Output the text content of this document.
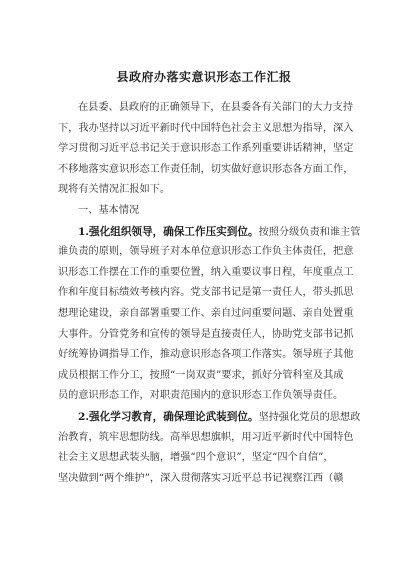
县政府办落实意识形态工作汇报
在县委、县政府的正确领导下，在县委各有关部门的大力支持
下，我办坚持以习近平新时代中国特色社会主义思想为指导，深入
学习贯彻习近平总书记关于意识形态工作系列重要讲话精神，坚定
不移地落实意识形态工作责任制，切实做好意识形态各方面工作，
现将有关情况汇报如下。
一、基本情况
1.强化组织领导，确保工作压实到位。按照分级负责和谁主管
谁负责的原则，领导班子对本单位意识形态工作负主体责任，把意
识形态工作摆在工作的重要位置，纳入重要议事日程，年度重点工
作和年度目标绩效考核内容。党支部书记是第一责任人，带头抓思
想理论建设，亲自部署重要工作、亲自过问重要问题、亲自处置重
大事件。分管党务和宣传的领导是直接责任人，协助党支部书记抓
好统筹协调指导工作，推动意识形态各项工作落实。领导班子其他
成员根据工作分工，按照“一岗双责”要求，抓好分管科室及其成
员的意识形态工作，对职责范围内的意识形态工作负领导责任。
2.强化学习教育，确保理论武装到位。坚持强化党员的思想政
治教育，筑牢思想防线。高举思想旗帜，用习近平新时代中国特色
社会主义思想武装头脑，增强“四个意识”，坚定“四个自信”，
坚决做到“两个维护”，深入贯彻落实习近平总书记视察江西（赣
